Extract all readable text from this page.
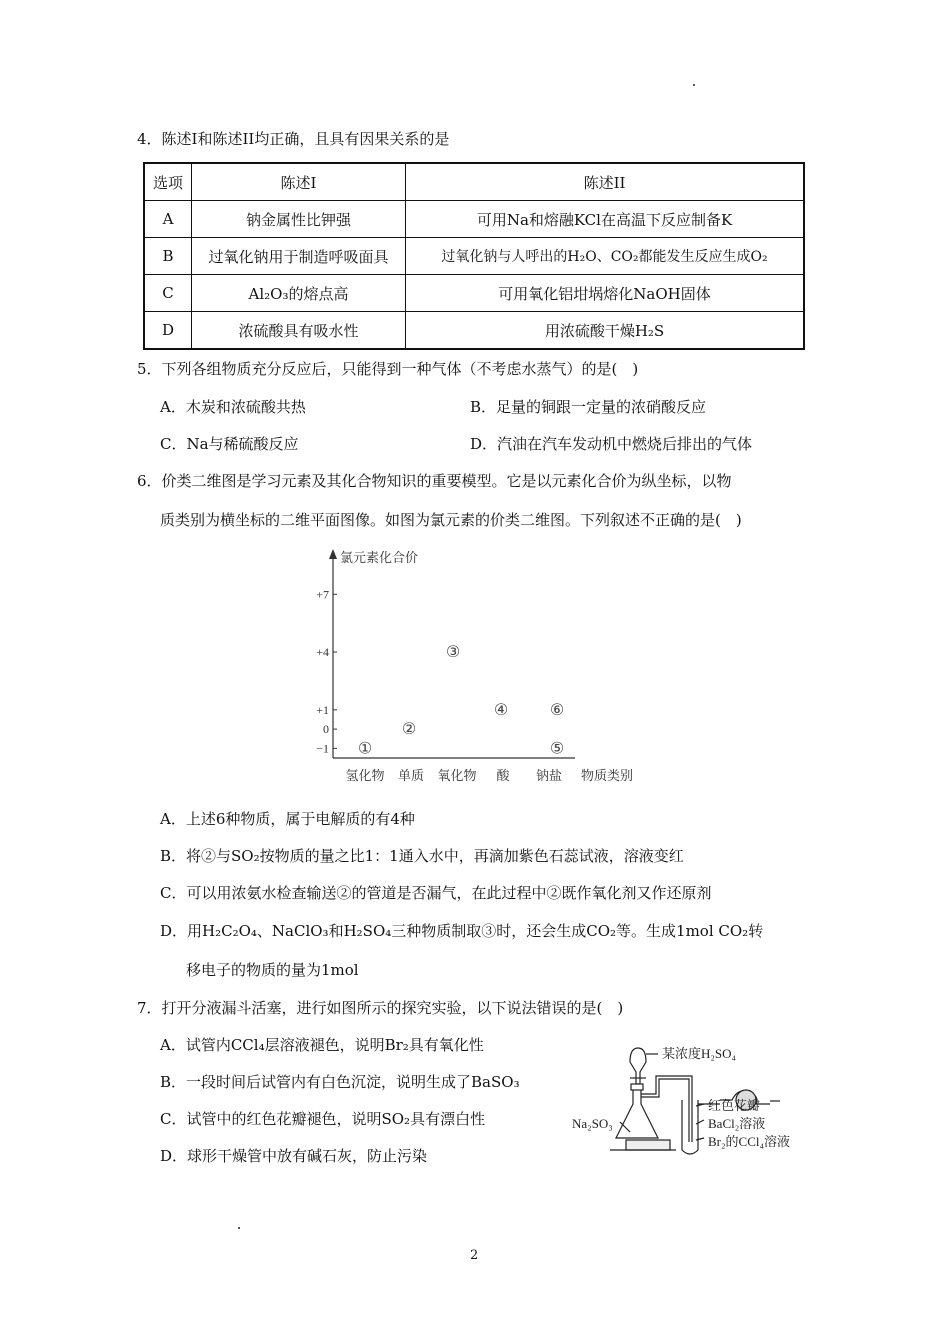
4．陈述I和陈述II均正确，且具有因果关系的是
选项	陈述I	陈述II
A	钠金属性比钾强	可用Na和熔融KCl在高温下反应制备K
B	过氧化钠用于制造呼吸面具	过氧化钠与人呼出的H₂O、CO₂都能发生反应生成O₂
C	Al₂O₃的熔点高	可用氧化铝坩埚熔化NaOH固体
D	浓硫酸具有吸水性	用浓硫酸干燥H₂S
5．下列各组物质充分反应后，只能得到一种气体（不考虑水蒸气）的是(　)
A．木炭和浓硫酸共热	B．足量的铜跟一定量的浓硝酸反应
C．Na与稀硫酸反应	D．汽油在汽车发动机中燃烧后排出的气体
6．价类二维图是学习元素及其化合物知识的重要模型。它是以元素化合价为纵坐标，以物
质类别为横坐标的二维平面图像。如图为氯元素的价类二维图。下列叙述不正确的是(　)
氯元素化合价
物质类别
+7
+4
+1
0
−1
氢化物 单质 氧化物 酸 钠盐
①
②
③
④
⑤
⑥
A．上述6种物质，属于电解质的有4种
B．将②与SO₂按物质的量之比1：1通入水中，再滴加紫色石蕊试液，溶液变红
C．可以用浓氨水检查输送②的管道是否漏气，在此过程中②既作氧化剂又作还原剂
D．用H₂C₂O₄、NaClO₃和H₂SO₄三种物质制取③时，还会生成CO₂等。生成1mol CO₂转
移电子的物质的量为1mol
7．打开分液漏斗活塞，进行如图所示的探究实验，以下说法错误的是(　)
A．试管内CCl₄层溶液褪色，说明Br₂具有氧化性
B．一段时间后试管内有白色沉淀，说明生成了BaSO₃
C．试管中的红色花瓣褪色，说明SO₂具有漂白性
D．球形干燥管中放有碱石灰，防止污染
某浓度H₂SO₄
红色花瓣
BaCl₂溶液
Br₂的CCl₄溶液
Na₂SO₃
2
